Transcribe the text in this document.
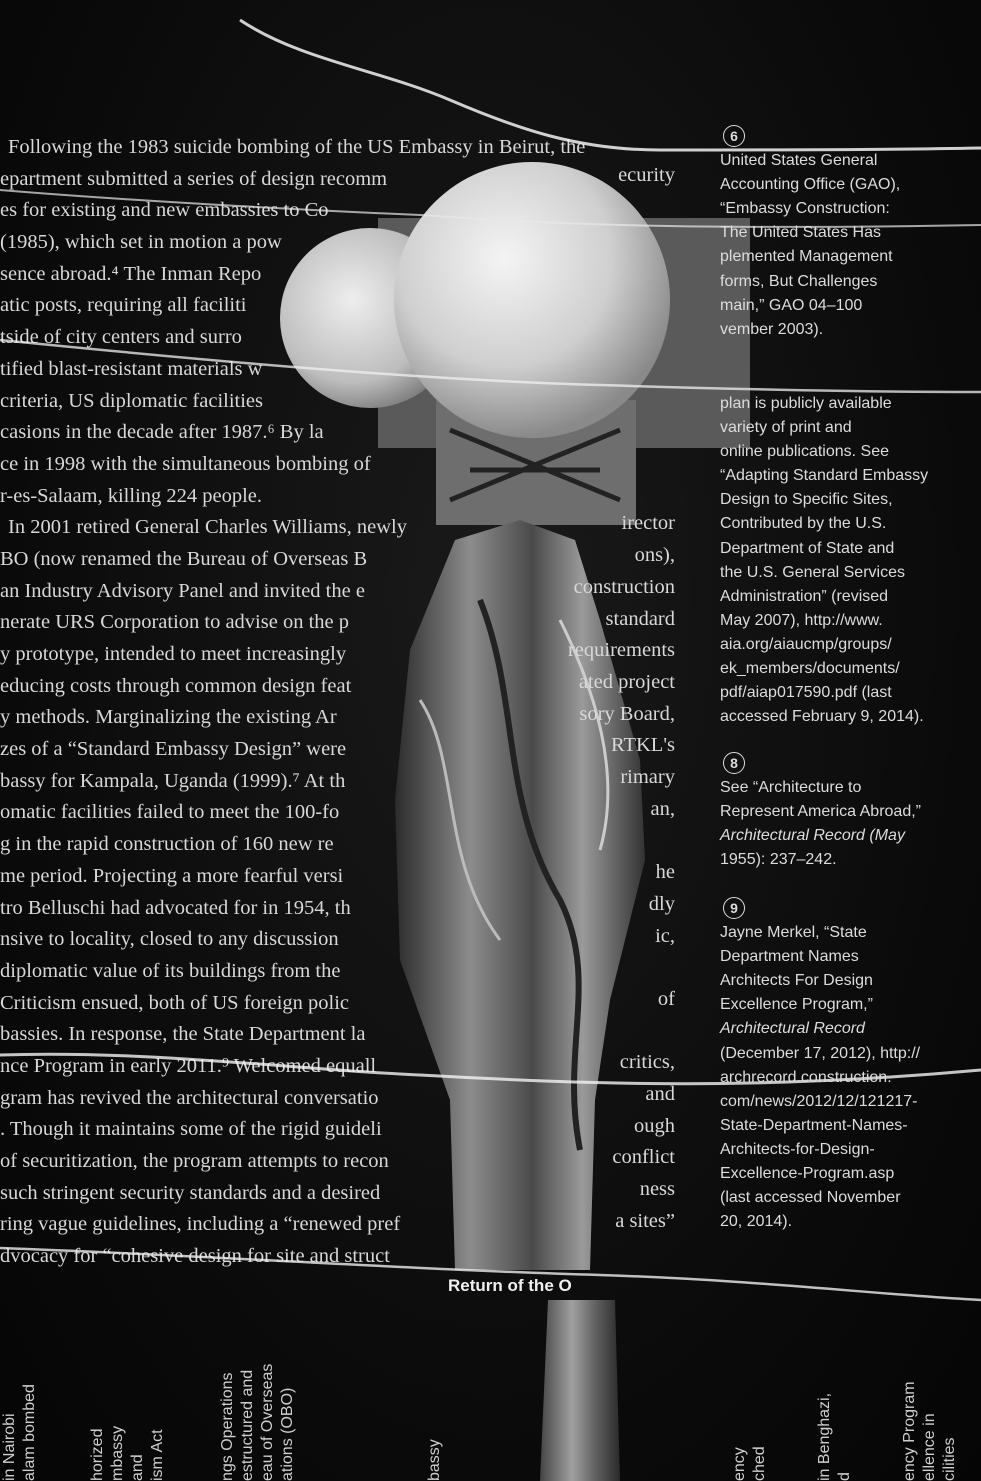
Following the 1983 suicide bombing of the US Embassy in Beirut, the
epartment submitted a series of design recomm
es for existing and new embassies to Co
(1985), which set in motion a pow
sence abroad.⁴ The Inman Repo
atic posts, requiring all faciliti
tside of city centers and surro
tified blast-resistant materials w
criteria, US diplomatic facilities
casions in the decade after 1987.⁶ By la
ce in 1998 with the simultaneous bombing of
r-es-Salaam, killing 224 people.
In 2001 retired General Charles Williams, newly
BO (now renamed the Bureau of Overseas B
an Industry Advisory Panel and invited the e
nerate URS Corporation to advise on the p
y prototype, intended to meet increasingly
educing costs through common design feat
y methods. Marginalizing the existing Ar
zes of a “Standard Embassy Design” were
bassy for Kampala, Uganda (1999).⁷ At th
omatic facilities failed to meet the 100-fo
g in the rapid construction of 160 new re
me period. Projecting a more fearful versi
tro Belluschi had advocated for in 1954, th
nsive to locality, closed to any discussion
diplomatic value of its buildings from the
Criticism ensued, both of US foreign polic
bassies. In response, the State Department la
nce Program in early 2011.⁹ Welcomed equall
gram has revived the architectural conversatio
. Though it maintains some of the rigid guideli
of securitization, the program attempts to recon
such stringent security standards and a desired
ring vague guidelines, including a “renewed pref
dvocacy for “cohesive design for site and struct
6
United States General
Accounting Office (GAO),
“Embassy Construction:
The United States Has
plemented Management
forms, But Challenges
main,” GAO 04–100
vember 2003).
plan is publicly available
variety of print and
online publications. See
“Adapting Standard Embassy
Design to Specific Sites,
Contributed by the U.S.
Department of State and
the U.S. General Services
Administration” (revised
May 2007), http://www.
aia.org/aiaucmp/groups/
ek_members/documents/
pdf/aiap017590.pdf (last
accessed February 9, 2014).
8
See “Architecture to
Represent America Abroad,”
Architectural Record (May
1955): 237–242.
9
Jayne Merkel, “State
Department Names
Architects For Design
Excellence Program,”
Architectural Record
(December 17, 2012), http://
archrecord.construction.
com/news/2012/12/121217-
State-Department-Names-
Architects-for-Design-
Excellence-Program.asp
(last accessed November
20, 2014).
Return of the O
in Nairobi alam bombed	horized mbassy and ism Act	ngs Operations estructured and eau of Overseas ations (OBO)	bassy	ency ched	in Benghazi, d	ency Program ellence in cilities
ecurity
irector
ons),
construction
standard
requirements
ated project
sory Board,
RTKL's
rimary
an,
he
dly
ic,
of
critics,
and
ough
conflict
ness
a sites”
